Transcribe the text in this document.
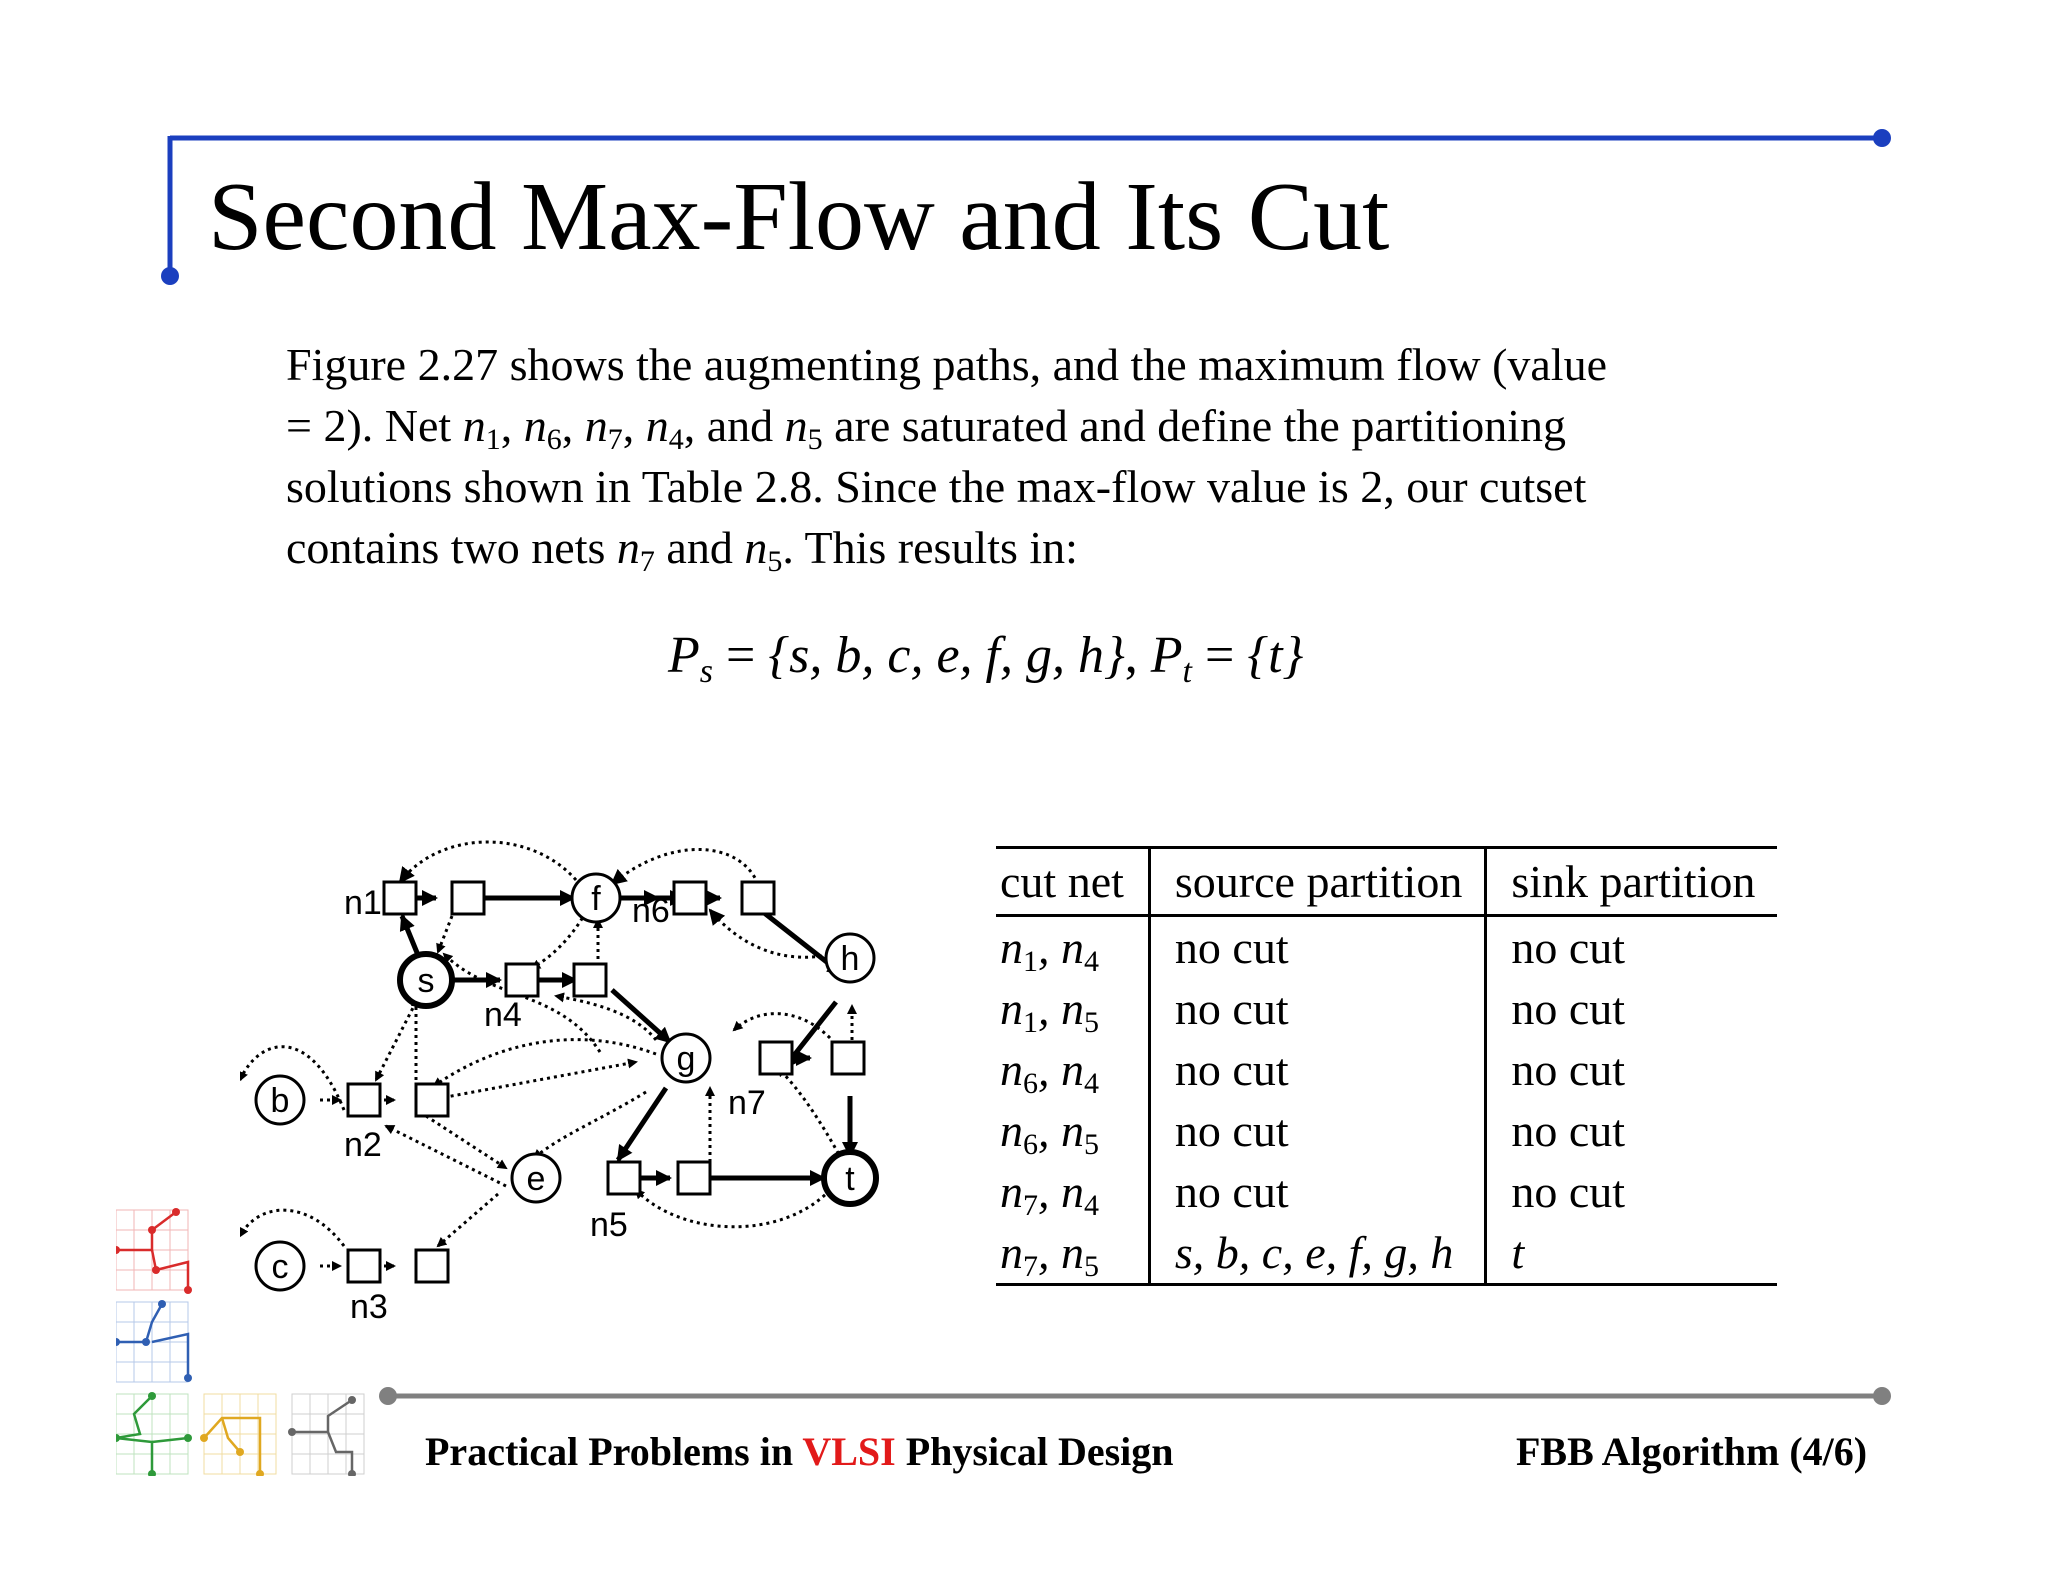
Second Max-Flow and Its Cut
Figure 2.27 shows the augmenting paths, and the maximum flow (value
= 2). Net $n_1$, $n_6$, $n_7$, $n_4$, and $n_5$ are saturated and define the partitioning
solutions shown in Table 2.8. Since the max-flow value is 2, our cutset
contains two nets $n_7$ and $n_5$. This results in:
$P_s = \{s$, b, c, e, f, g, h}, $P_t = \{t\}$
f
h
s
g
b
e	t
c
n1	n6
n4
n7
n2
n5
n3
cut net	source partition	sink partition
$n_1$, $n_4$	no cut	no cut
$n_1$, $n_5$	no cut	no cut
$n_6$, $n_4$	no cut	no cut
$n_6$, $n_5$	no cut	no cut
$n_7$, $n_4$	no cut	no cut
$n_7$, $n_5$	s, b, c, e, f, g, h	t
Practical Problems in VLSI Physical Design	FBB Algorithm (4/6)
